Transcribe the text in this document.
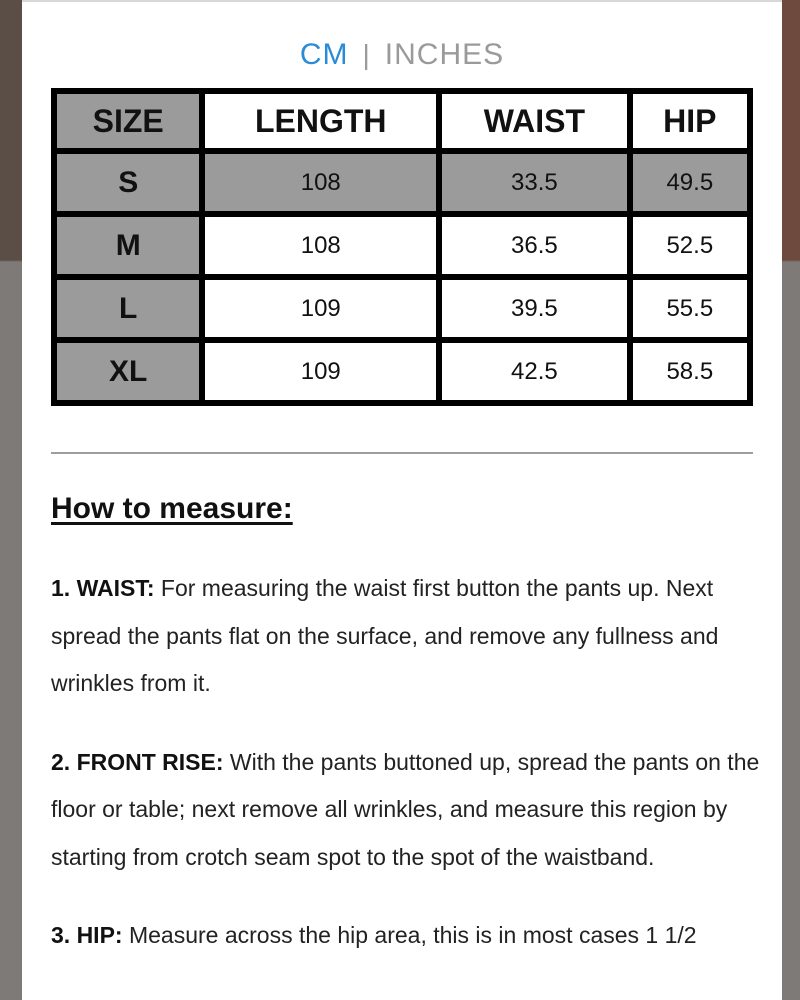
CM | INCHES
SIZE	LENGTH	WAIST	HIP
S	108	33.5	49.5
M	108	36.5	52.5
L	109	39.5	55.5
XL	109	42.5	58.5
How to measure:

1. WAIST: For measuring the waist first button the pants up. Next spread the pants flat on the surface, and remove any fullness and wrinkles from it.

2. FRONT RISE: With the pants buttoned up, spread the pants on the floor or table; next remove all wrinkles, and measure this region by starting from crotch seam spot to the spot of the waistband.

3. HIP: Measure across the hip area, this is in most cases 1 1/2
